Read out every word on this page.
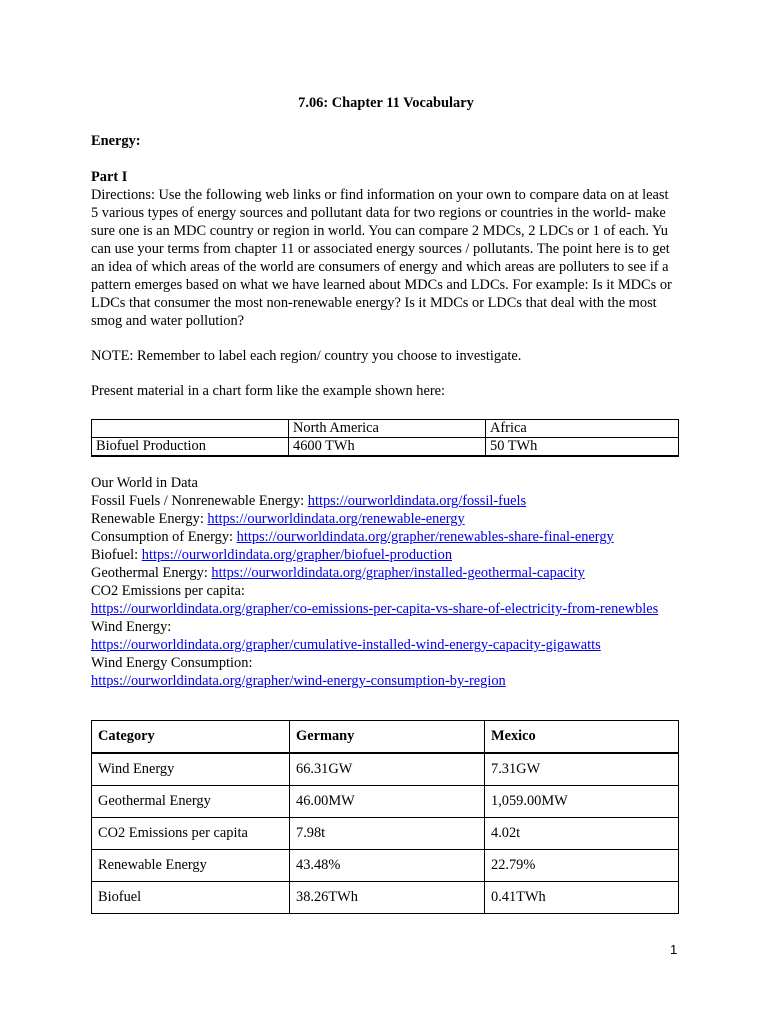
7.06: Chapter 11 Vocabulary
Energy:
Part I

Directions: Use the following web links or find information on your own to compare data on at least 5 various types of energy sources and pollutant data for two regions or countries in the world- make sure one is an MDC country or region in world. You can compare 2 MDCs, 2 LDCs or 1 of each. Yu can use your terms from chapter 11 or associated energy sources / pollutants. The point here is to get an idea of which areas of the world are consumers of energy and which areas are polluters to see if a pattern emerges based on what we have learned about MDCs and LDCs. For example: Is it MDCs or LDCs that consumer the most non-renewable energy? Is it MDCs or LDCs that deal with the most smog and water pollution?

NOTE: Remember to label each region/ country you choose to investigate.

Present material in a chart form like the example shown here:

	North America	Africa
Biofuel Production	4600 TWh	50 TWh
Our World in Data
Fossil Fuels / Nonrenewable Energy: https://ourworldindata.org/fossil-fuels
Renewable Energy: https://ourworldindata.org/renewable-energy
Consumption of Energy: https://ourworldindata.org/grapher/renewables-share-final-energy
Biofuel: https://ourworldindata.org/grapher/biofuel-production
Geothermal Energy: https://ourworldindata.org/grapher/installed-geothermal-capacity
CO2 Emissions per capita:
https://ourworldindata.org/grapher/co-emissions-per-capita-vs-share-of-electricity-from-renewbles
Wind Energy:
https://ourworldindata.org/grapher/cumulative-installed-wind-energy-capacity-gigawatts
Wind Energy Consumption:
https://ourworldindata.org/grapher/wind-energy-consumption-by-region
Category	Germany	Mexico
Wind Energy	66.31GW	7.31GW
Geothermal Energy	46.00MW	1,059.00MW
CO2 Emissions per capita	7.98t	4.02t
Renewable Energy	43.48%	22.79%
Biofuel	38.26TWh	0.41TWh
1
